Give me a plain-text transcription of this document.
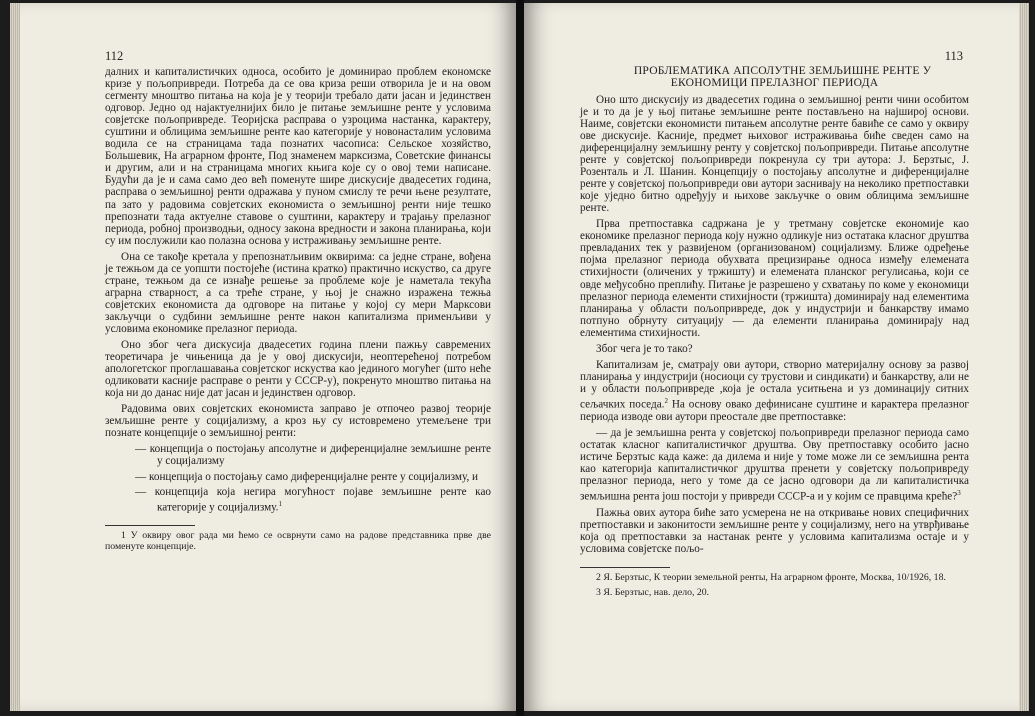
112

далних и капиталистичких односа, особито је доминирао проблем економске кризе у пољопривреди. Потреба да се ова криза реши отворила је и на овом сегменту мноштво питања на која је у теорији требало дати јасан и јединствен одговор. Једно од најактуелнијих било је питање земљишне ренте у условима совјетске пољопривреде. Теоријска расправа о узроцима настанка, карактеру, суштини и облицима земљишне ренте као категорије у новонасталим условима водила се на страницама тада познатих часописа: Сельское хозяйство, Большевик, На аграрном фронте, Под знаменем марксизма, Советские финансы и другим, али и на страницама многих књига које су о овој теми написане. Будући да је и сама само део већ поменуте шире дискусије двадесетих година, расправа о земљишној ренти одражава у пуном смислу те речи њене резултате, па зато у радовима совјетских економиста о земљишној ренти није тешко препознати тада актуелне ставове о суштини, карактеру и трајању прелазног периода, робној производњи, односу закона вредности и закона планирања, који су им послужили као полазна основа у истраживању земљишне ренте.

Она се такође кретала у препознатљивим оквирима: са једне стране, вођена је тежњом да се уопшти постојеће (истина кратко) практично искуство, са друге стране, тежњом да се изнађе решење за проблеме које је наметала текућа аграрна стварност, а са треће стране, у њој је снажно изражена тежња совјетских економиста да одговоре на питање у којој су мери Марксови закључци о судбини земљишне ренте након капитализма применљиви у условима економике прелазног периода.

Оно због чега дискусија двадесетих година плени пажњу савремених теоретичара је чињеница да је у овој дискусији, неоптерећеној потребом апологетског проглашавања совјетског искуства као јединого могућег (што неће одликовати касније расправе о ренти у СССР-у), покренуто мноштво питања на која ни до данас није дат јасан и јединствен одговор.

Радовима ових совјетских економиста заправо је отпочео развој теорије земљишне ренте у социјализму, а кроз њу су истовремено утемељене три познате концепције о земљишној ренти:

— концепција о постојању апсолутне и диференцијалне земљишне ренте у социјализму
— концепција о постојању само диференцијалне ренте у социјализму, и
— концепција која негира могућност појаве земљишне ренте као категорије у социјализму.$^1$

1 У оквиру овог рада ми ћемо се осврнути само на радове представника прве две поменуте концепције.

113

ПРОБЛЕМАТИКА АПСОЛУТНЕ ЗЕМЉИШНЕ РЕНТЕ У
ЕКОНОМИЦИ ПРЕЛАЗНОГ ПЕРИОДА

Оно што дискусију из двадесетих година о земљишној ренти чини особитом је и то да је у њој питање земљишне ренте постављено на најширој основи. Наиме, совјетски економисти питањем апсолутне ренте бавиће се само у оквиру ове дискусије. Касније, предмет њиховог истраживања биће сведен само на диференцијалну земљишну ренту у совјетској пољопривреди. Питање апсолутне ренте у совјетској пољопривреди покренула су три аутора: Ј. Берзтыс, Ј. Розенталь и Л. Шанин. Концепцију о постојању апсолутне и диференцијалне ренте у совјетској пољопривреди ови аутори заснивају на неколико претпоставки које уједно битно одређују и њихове закључке о овим облицима земљишне ренте.

Прва претпоставка садржана је у третману совјетске економије као економике прелазног периода коју нужно одликује низ остатака класног друштва превладаних тек у развијеном (организованом) социјализму. Ближе одређење појма прелазног периода обухвата прецизирање односа између елемената стихијности (оличених у тржишту) и елемената планског регулисања, који се овде међусобно преплићу. Питање је разрешено у схватању по коме у економици прелазног периода елементи стихијности (тржишта) доминирају над елементима планирања у области пољопривреде, док у индустрији и банкарству имамо потпуно обрнуту ситуацију — да елементи планирања доминирају над елементима стихијности.

Због чега је то тако?

Капитализам је, сматрају ови аутори, створио материјалну основу за развој планирања у индустрији (носиоци су трустови и синдикати) и банкарству, али не и у области пољопривреде ,која је остала уситњена и уз доминацију ситних сељачких поседа.$^2$ На основу овако дефинисане суштине и карактера прелазног периода изводе ови аутори преостале две претпоставке:

— да је земљишна рента у совјетској пољопривреди прелазног периода само остатак класног капиталистичког друштва. Ову претпоставку особито јасно истиче Берзтыс када каже: да дилема и није у томе може ли се земљишна рента као категорија капиталистичког друштва пренети у совјетску пољопривреду прелазног периода, него у томе да се јасно одговори да ли капиталистичка земљишна рента још постоји у привреди СССР-а и у којим се правцима креће?$^3$

Пажња ових аутора биће зато усмерена не на откривање нових специфичних претпоставки и законитости земљишне ренте у социјализму, него на утврђивање која од претпоставки за настанак ренте у условима капитализма остаје и у условима совјетске пољо-

2 Я. Берзтыс, К теории земельной ренты, На аграрном фронте, Москва, 10/1926, 18.

3 Я. Берзтыс, нав. дело, 20.
